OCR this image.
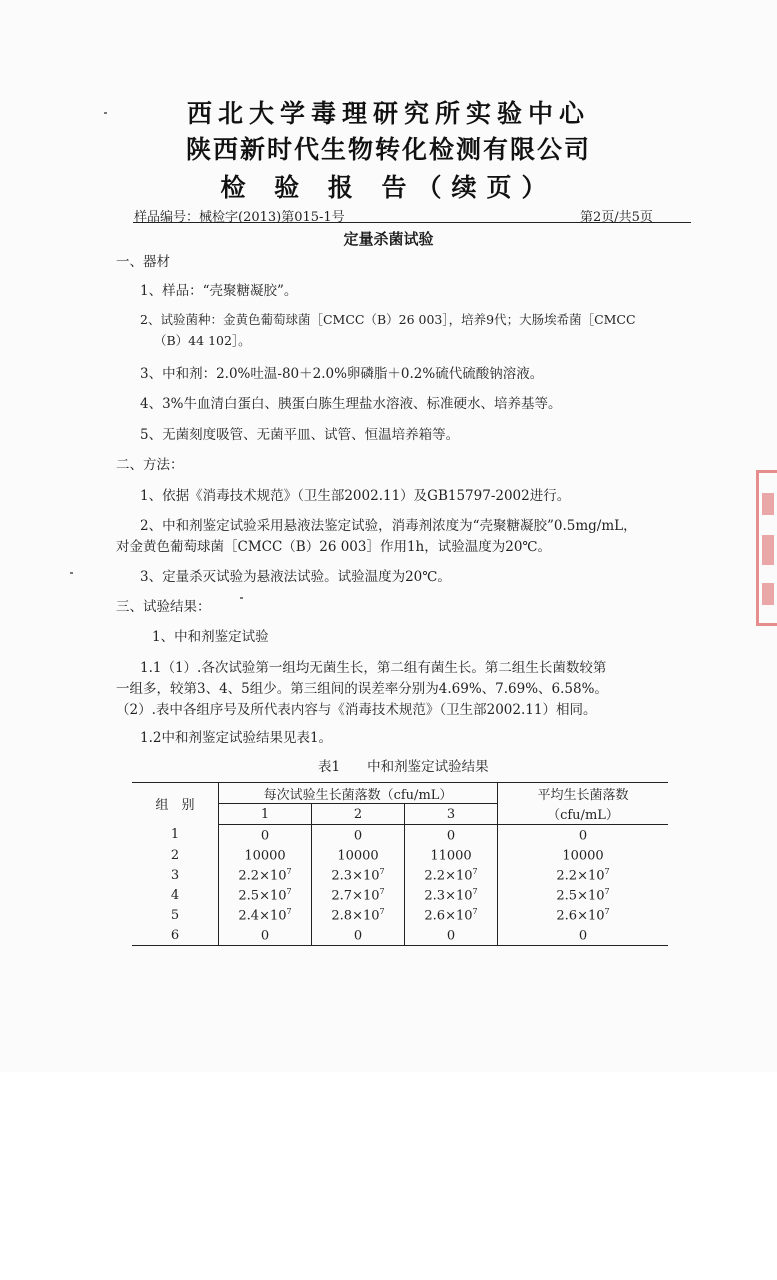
西北大学毒理研究所实验中心
陕西新时代生物转化检测有限公司
检 验 报 告（续页）
样品编号：械检字(2013)第015-1号	第2页/共5页
定量杀菌试验
一、器材
1、样品：“壳聚糖凝胶”。
2、试验菌种：金黄色葡萄球菌［CMCC（B）26 003］，培养9代；大肠埃希菌［CMCC
（B）44 102］。
3、中和剂：2.0%吐温-80＋2.0%卵磷脂＋0.2%硫代硫酸钠溶液。
4、3%牛血清白蛋白、胰蛋白胨生理盐水溶液、标准硬水、培养基等。
5、无菌刻度吸管、无菌平皿、试管、恒温培养箱等。
二、方法：
1、依据《消毒技术规范》（卫生部2002.11）及GB15797-2002进行。
2、中和剂鉴定试验采用悬液法鉴定试验，消毒剂浓度为“壳聚糖凝胶”0.5mg/mL，
对金黄色葡萄球菌［CMCC（B）26 003］作用1h，试验温度为20℃。
3、定量杀灭试验为悬液法试验。试验温度为20℃。
三、试验结果：
1、中和剂鉴定试验
1.1（1）.各次试验第一组均无菌生长，第二组有菌生长。第二组生长菌数较第
一组多，较第3、4、5组少。第三组间的误差率分别为4.69%、7.69%、6.58%。
（2）.表中各组序号及所代表内容与《消毒技术规范》（卫生部2002.11）相同。
1.2中和剂鉴定试验结果见表1。
表1　　中和剂鉴定试验结果
组　别	每次试验生长菌落数（cfu/mL）			平均生长菌落数
	1	2	3	（cfu/mL）
1	0	0	0	0
2	10000	10000	11000	10000
3	$2.2\times 10^7$	$2.3\times 10^7$	$2.2\times 10^7$	$2.2\times 10^7$
4	$2.5\times 10^7$	$2.7\times 10^7$	$2.3\times 10^7$	$2.5\times 10^7$
5	$2.4\times 10^7$	$2.8\times 10^7$	$2.6\times 10^7$	$2.6\times 10^7$
6	0	0	0	0
